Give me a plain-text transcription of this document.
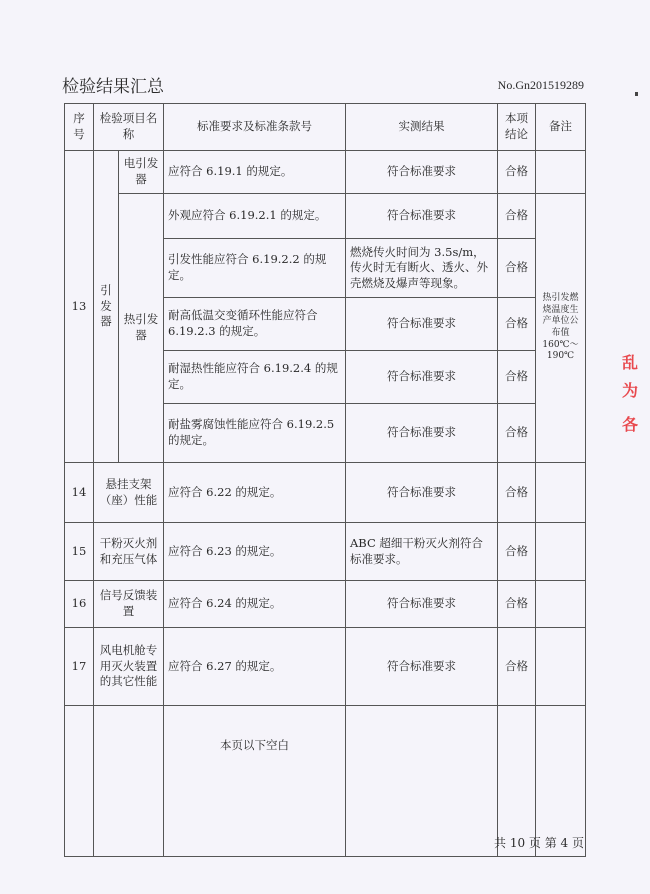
检验结果汇总	No.Gn201519289
序号	检验项目名称		标准要求及标准条款号	实测结果	本项结论	备注
13	引发器	电引发器	应符合 6.19.1 的规定。	符合标准要求	合格	
		热引发器	外观应符合 6.19.2.1 的规定。	符合标准要求	合格	热引发燃烧温度生产单位公布值160℃～190℃
			引发性能应符合 6.19.2.2 的规定。	燃烧传火时间为 3.5s/m，传火时无有断火、透火、外壳燃烧及爆声等现象。	合格	
			耐高低温交变循环性能应符合 6.19.2.3 的规定。	符合标准要求	合格	
			耐湿热性能应符合 6.19.2.4 的规定。	符合标准要求	合格	
			耐盐雾腐蚀性能应符合 6.19.2.5 的规定。	符合标准要求	合格	
14	悬挂支架（座）性能		应符合 6.22 的规定。	符合标准要求	合格	
15	干粉灭火剂和充压气体		应符合 6.23 的规定。	ABC 超细干粉灭火剂符合标准要求。	合格	
16	信号反馈装置		应符合 6.24 的规定。	符合标准要求	合格	
17	风电机舱专用灭火装置的其它性能		应符合 6.27 的规定。	符合标准要求	合格	
			本页以下空白			
共 10 页 第 4 页
乱
为
各
